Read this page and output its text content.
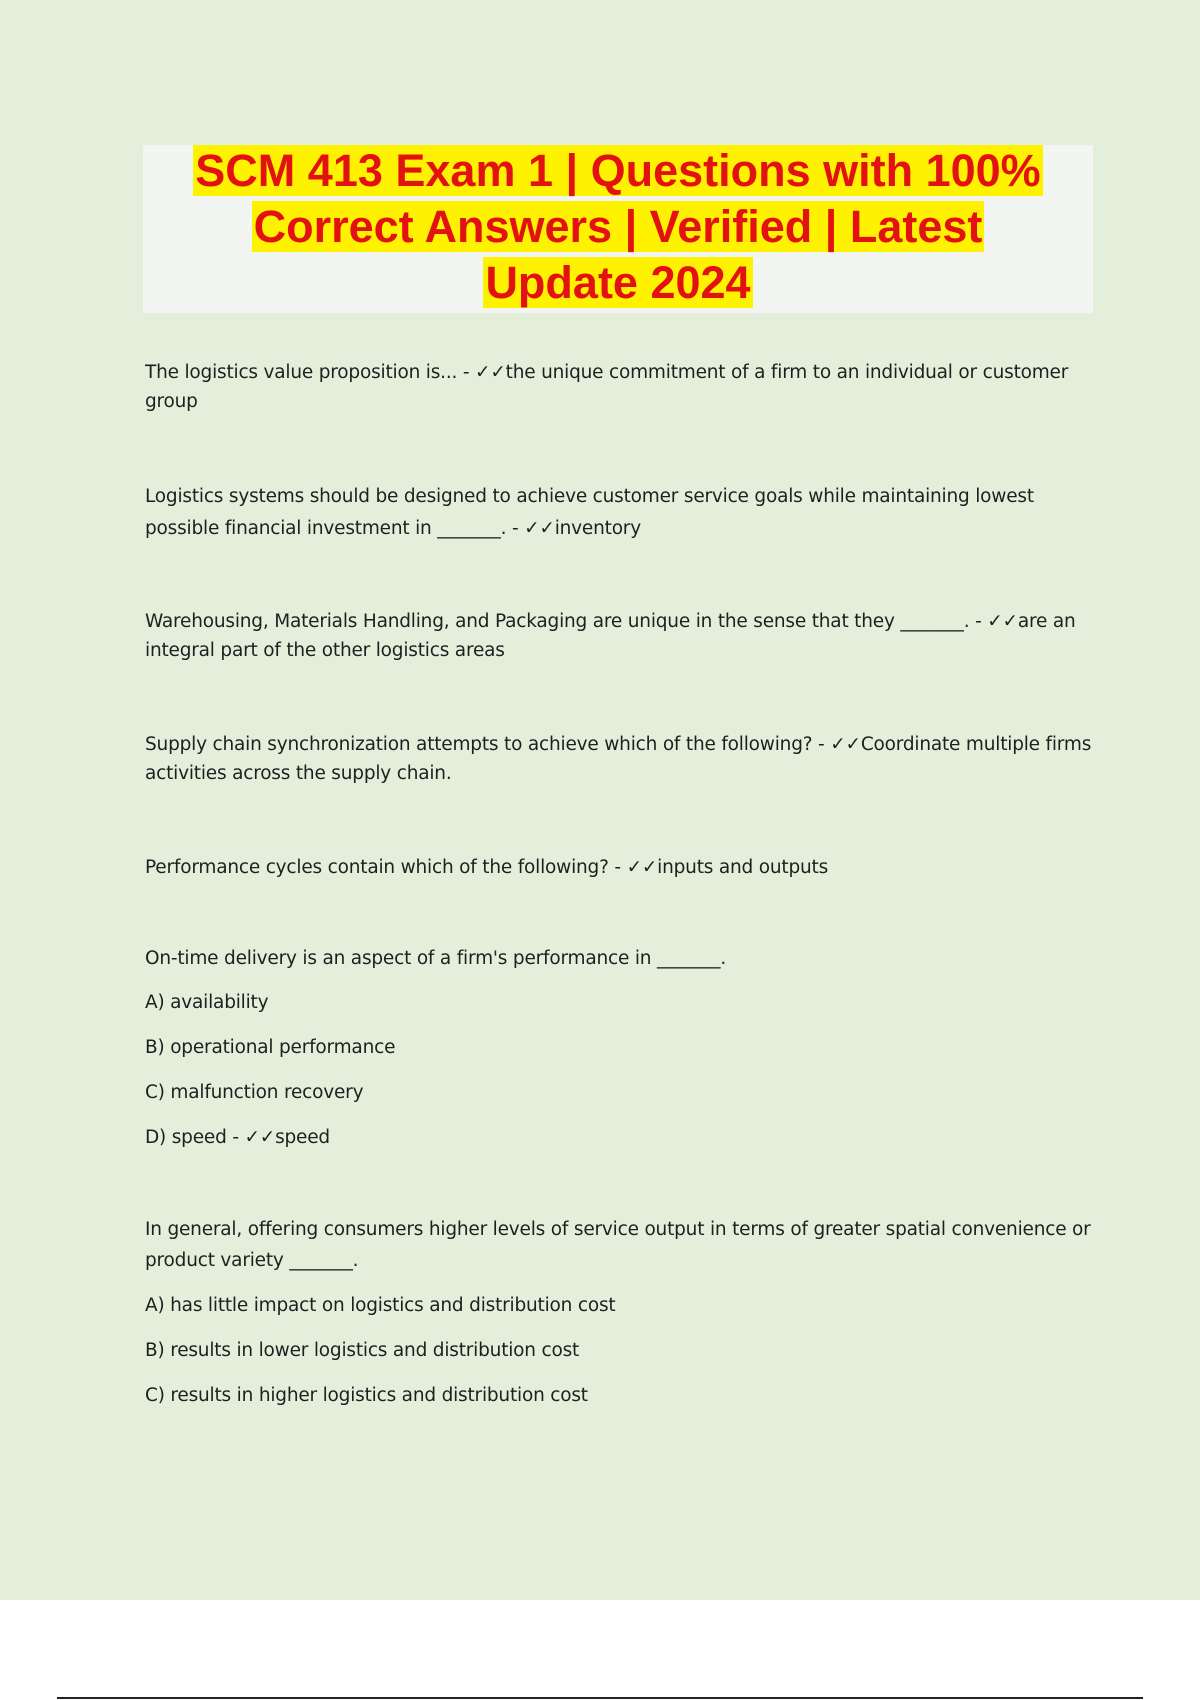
SCM 413 Exam 1 | Questions with 100%
Correct Answers | Verified | Latest
Update 2024

The logistics value proposition is... - ✓✓the unique commitment of a firm to an individual or customer group

Logistics systems should be designed to achieve customer service goals while maintaining lowest possible financial investment in _______. - ✓✓inventory

Warehousing, Materials Handling, and Packaging are unique in the sense that they _______. - ✓✓are an integral part of the other logistics areas

Supply chain synchronization attempts to achieve which of the following? - ✓✓Coordinate multiple firms activities across the supply chain.

Performance cycles contain which of the following? - ✓✓inputs and outputs

On-time delivery is an aspect of a firm's performance in _______.

A) availability

B) operational performance

C) malfunction recovery

D) speed - ✓✓speed

In general, offering consumers higher levels of service output in terms of greater spatial convenience or product variety _______.

A) has little impact on logistics and distribution cost

B) results in lower logistics and distribution cost

C) results in higher logistics and distribution cost
